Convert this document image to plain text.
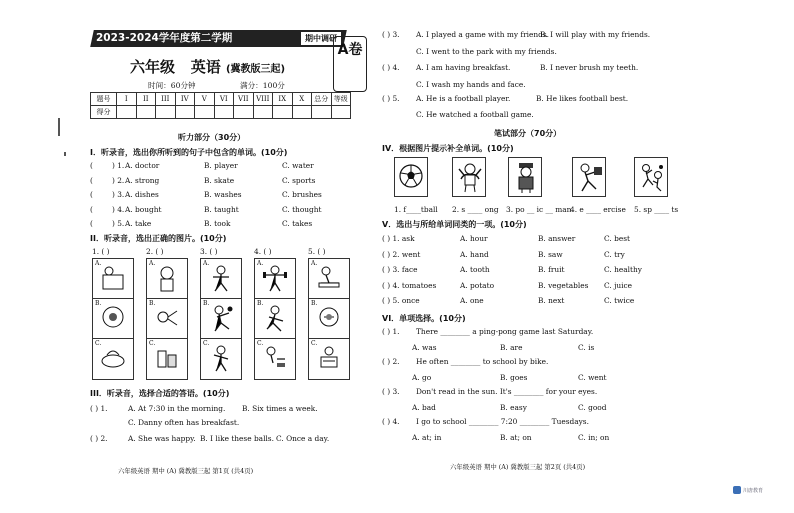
2023-2024学年度第二学期	期中调研
A卷
六年级 英语 (冀教版三起)
时间：60分钟	满分：100分
题号	I	II	III	IV	V	VI	VII	VIII	IX	X	总分	等级
得分												
听力部分（30分）
I．听录音，选出你所听到的句子中包含的单词。(10分)
(	) 1. A. doctor	B. player	C. water
(	) 2. A. strong	B. skate	C. sports
(	) 3. A. dishes	B. washes	C. brushes
(	) 4. A. bought	B. taught	C. thought
(	) 5. A. take	B. took	C. takes
II．听录音，选出正确的图片。(10分)
1. ( )	2. ( )	3. ( )	4. ( )	5. ( )
A.
B.
C.
A.
B.
C.
A.
B.
C.
A.
B.
C.
A.
B.
C.
III．听录音，选择合适的答语。(10分)
( ) 1.	A. At 7:30 in the morning. B. Six times a week.
C. Danny often has breakfast.
( ) 2.	A. She was happy. B. I like these balls. C. Once a day.
六年级英语 期中 (A) 冀教版三起 第1页 (共4页)
( ) 3. A. I played a game with my friends.
B. I will play with my friends.
C. I went to the park with my friends.
( ) 4. A. I am having breakfast.	B. I never brush my teeth.
C. I wash my hands and face.
( ) 5. A. He is a football player.	B. He likes football best.
C. He watched a football game.
笔试部分（70分）
IV．根据图片提示补全单词。(10分)
1. f____tball 2. s ____ ong 3. po __ ic __ man
4. e ____ ercise 5. sp ____ ts
V．选出与所给单词同类的一项。(10分)
( ) 1. ask	A. hour	B. answer	C. best
( ) 2. went	A. hand	B. saw	C. try
( ) 3. face	A. tooth	B. fruit	C. healthy
( ) 4. tomatoes	A. potato	B. vegetables C. juice
( ) 5. once	A. one	B. next	C. twice
VI．单项选择。(10分)
( ) 1. There ________ a ping-pong game last Saturday.
A. was	B. are	C. is
( ) 2. He often ________ to school by bike.
A. go	B. goes	C. went
( ) 3. Don't read in the sun. It's ________ for your eyes.
A. bad	B. easy	C. good
( ) 4. I go to school ________ 7:20 ________ Tuesdays.
A. at; in	B. at; on	C. in; on
六年级英语 期中 (A) 冀教版三起 第2页 (共4页)
川唐教育
